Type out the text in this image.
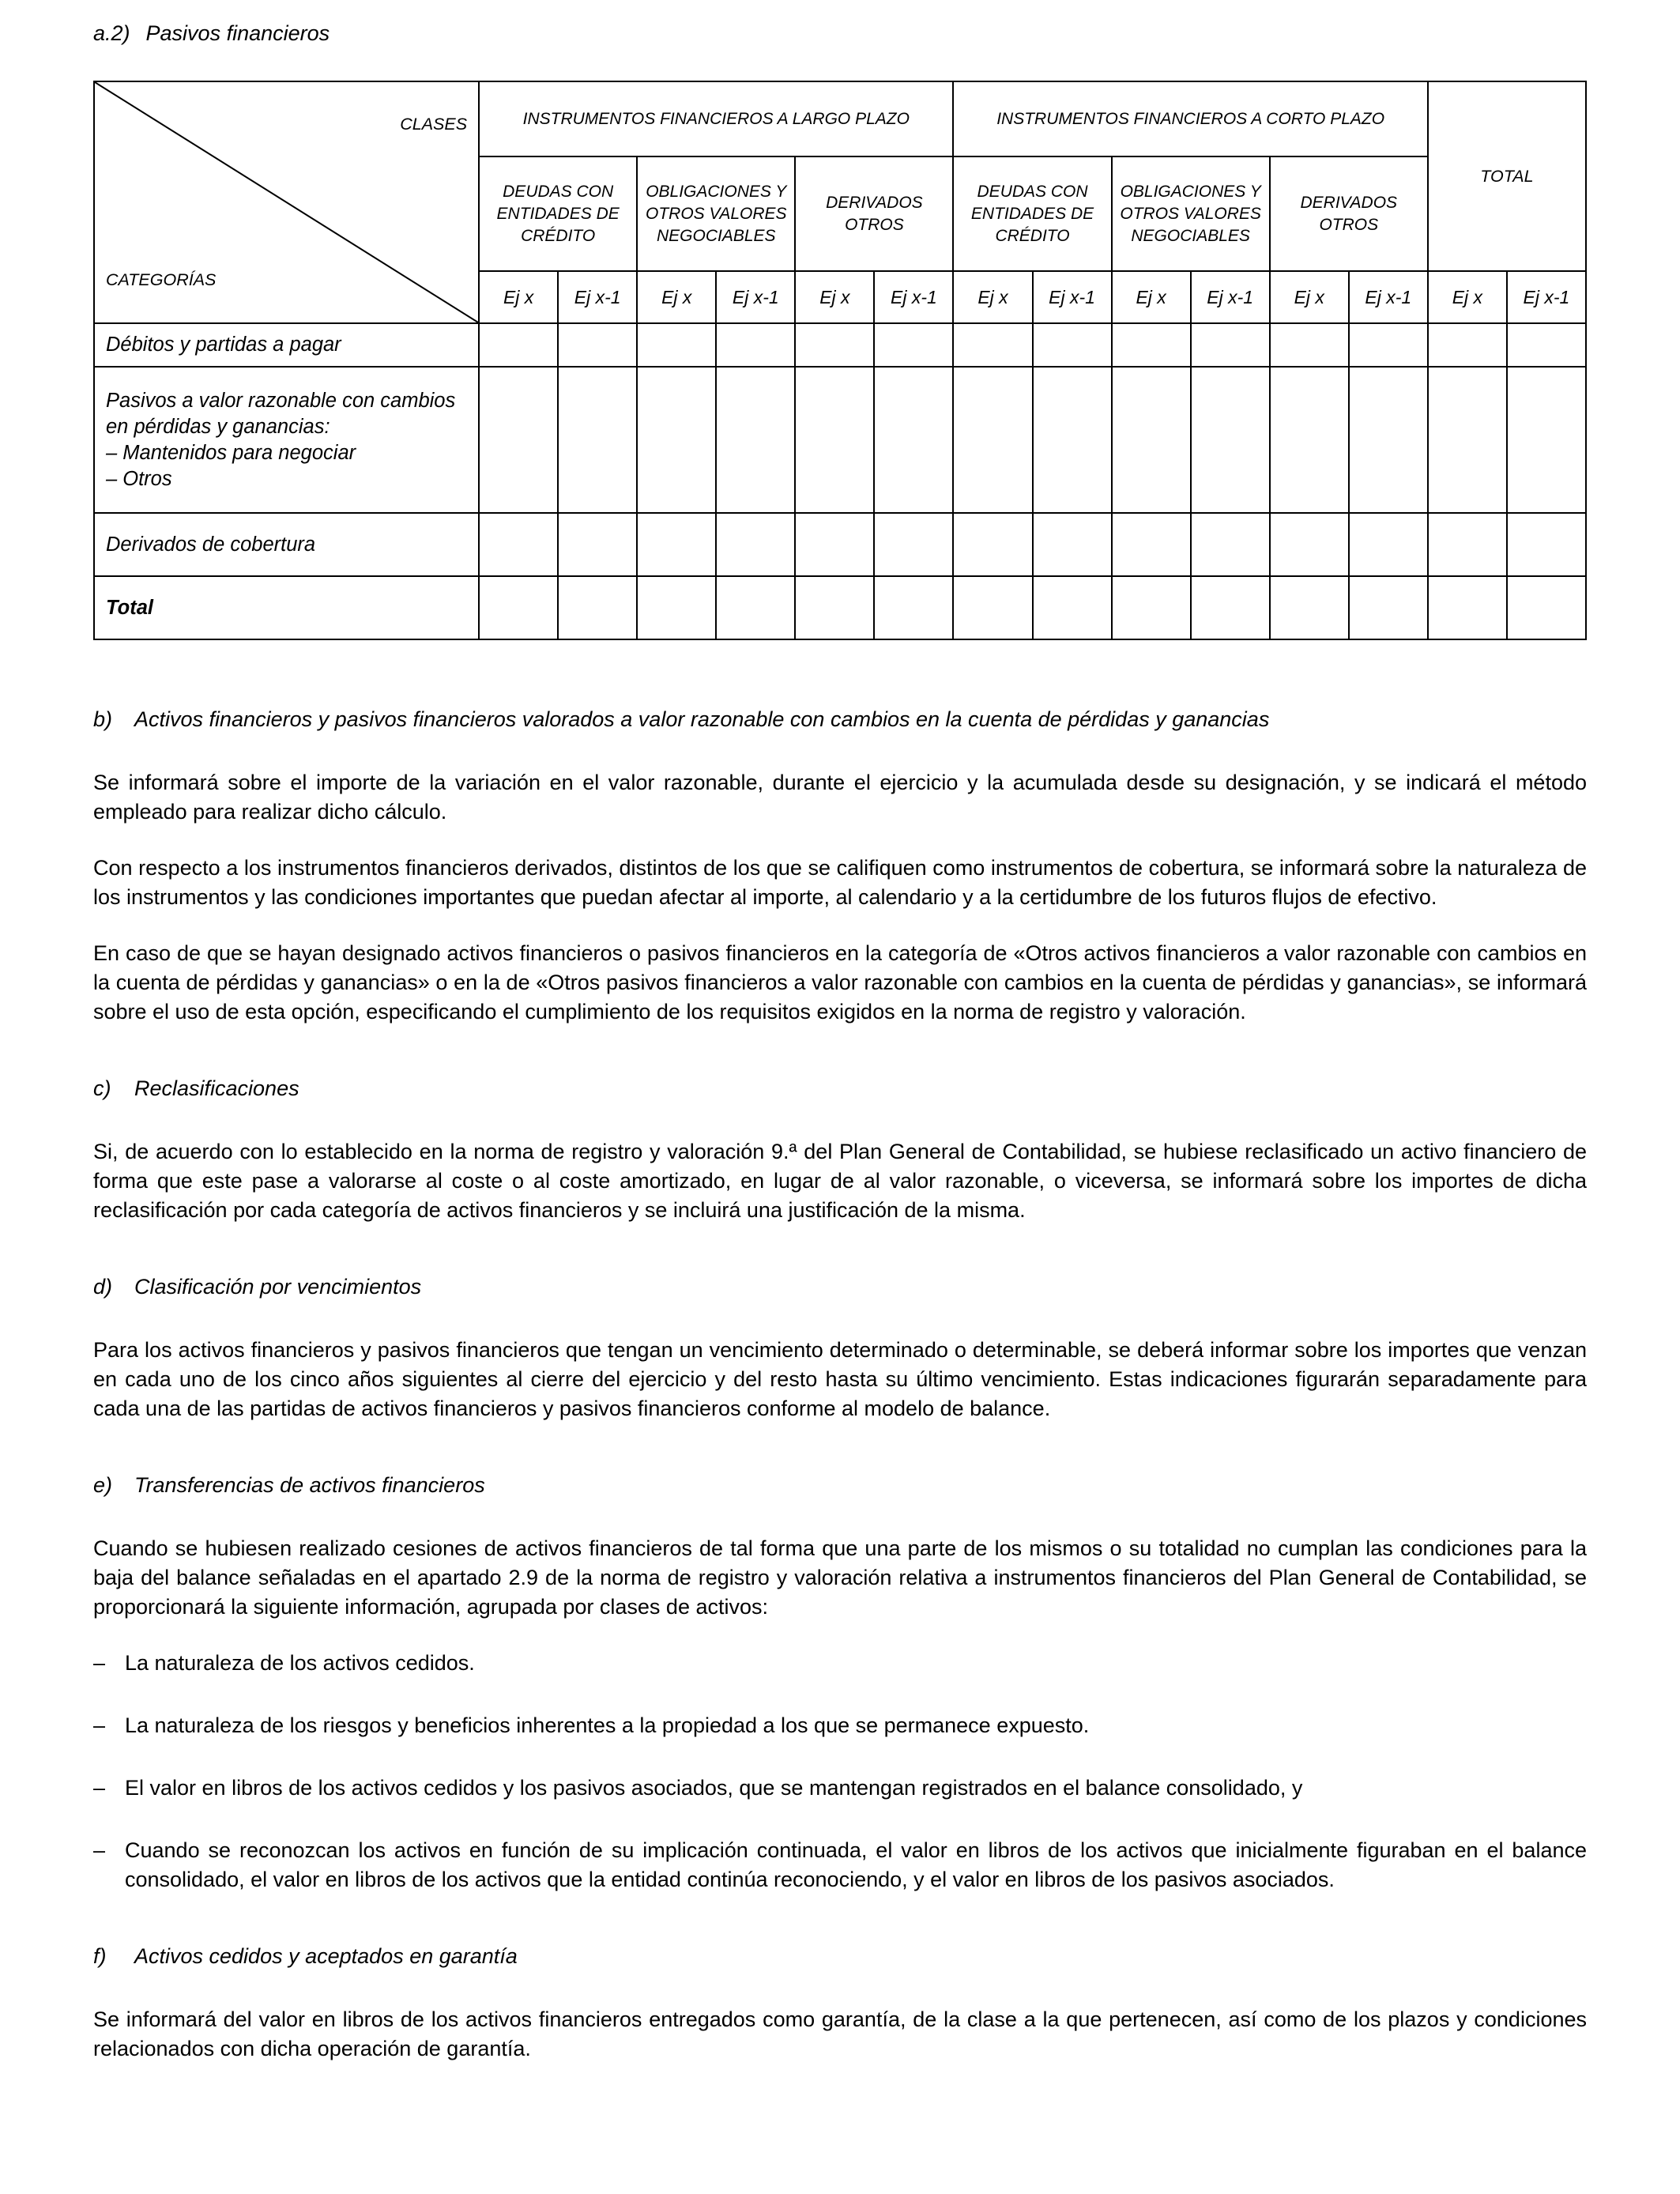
a.2) Pasivos financieros
CLASES
CATEGORÍAS	INSTRUMENTOS FINANCIEROS A LARGO PLAZO						INSTRUMENTOS FINANCIEROS A CORTO PLAZO						TOTAL	
	DEUDAS CON ENTIDADES DE CRÉDITO		OBLIGACIONES Y OTROS VALORES NEGOCIABLES		DERIVADOS OTROS		DEUDAS CON ENTIDADES DE CRÉDITO		OBLIGACIONES Y OTROS VALORES NEGOCIABLES		DERIVADOS OTROS			
	Ej x	Ej x-1	Ej x	Ej x-1	Ej x	Ej x-1	Ej x	Ej x-1	Ej x	Ej x-1	Ej x	Ej x-1	Ej x	Ej x-1
Débitos y partidas a pagar														

Pasivos a valor razonable con cambios en pérdidas y ganancias:
– Mantenidos para negociar
– Otros														

Derivados de cobertura														
Total														
b) Activos financieros y pasivos financieros valorados a valor razonable con cambios en la cuenta de pérdidas y ganancias

Se informará sobre el importe de la variación en el valor razonable, durante el ejercicio y la acumulada desde su designación, y se indicará el método empleado para realizar dicho cálculo.

Con respecto a los instrumentos financieros derivados, distintos de los que se califiquen como instrumentos de cobertura, se informará sobre la naturaleza de los instrumentos y las condiciones importantes que puedan afectar al importe, al calendario y a la certidumbre de los futuros flujos de efectivo.

En caso de que se hayan designado activos financieros o pasivos financieros en la categoría de «Otros activos financieros a valor razonable con cambios en la cuenta de pérdidas y ganancias» o en la de «Otros pasivos financieros a valor razonable con cambios en la cuenta de pérdidas y ganancias», se informará sobre el uso de esta opción, especificando el cumplimiento de los requisitos exigidos en la norma de registro y valoración.

c)	Reclasificaciones

Si, de acuerdo con lo establecido en la norma de registro y valoración 9.ª del Plan General de Contabilidad, se hubiese reclasificado un activo financiero de forma que este pase a valorarse al coste o al coste amortizado, en lugar de al valor razonable, o viceversa, se informará sobre los importes de dicha reclasificación por cada categoría de activos financieros y se incluirá una justificación de la misma.

d) Clasificación por vencimientos

Para los activos financieros y pasivos financieros que tengan un vencimiento determinado o determinable, se deberá informar sobre los importes que venzan en cada uno de los cinco años siguientes al cierre del ejercicio y del resto hasta su último vencimiento. Estas indicaciones figurarán separadamente para cada una de las partidas de activos financieros y pasivos financieros conforme al modelo de balance.

e) Transferencias de activos financieros

Cuando se hubiesen realizado cesiones de activos financieros de tal forma que una parte de los mismos o su totalidad no cumplan las condiciones para la baja del balance señaladas en el apartado 2.9 de la norma de registro y valoración relativa a instrumentos financieros del Plan General de Contabilidad, se proporcionará la siguiente información, agrupada por clases de activos:

– La naturaleza de los activos cedidos.
– La naturaleza de los riesgos y beneficios inherentes a la propiedad a los que se permanece expuesto.
– El valor en libros de los activos cedidos y los pasivos asociados, que se mantengan registrados en el balance consolidado, y
– Cuando se reconozcan los activos en función de su implicación continuada, el valor en libros de los activos que inicialmente figuraban en el balance consolidado, el valor en libros de los activos que la entidad continúa reconociendo, y el valor en libros de los pasivos asociados.
f)	Activos cedidos y aceptados en garantía

Se informará del valor en libros de los activos financieros entregados como garantía, de la clase a la que pertenecen, así como de los plazos y condiciones relacionados con dicha operación de garantía.
